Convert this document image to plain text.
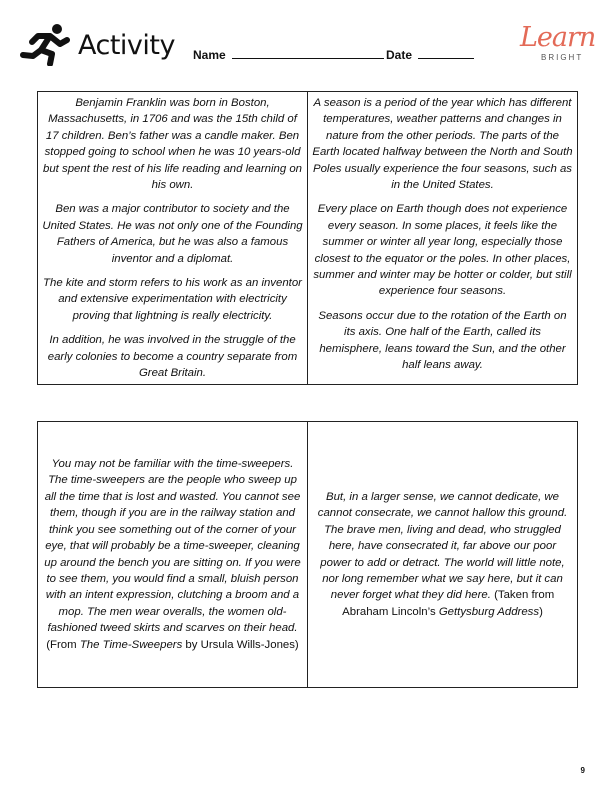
Activity Name	Date
Learn
BRIGHT

Benjamin Franklin was born in Boston, Massachusetts, in 1706 and was the 15th child of 17 children. Ben’s father was a candle maker. Ben stopped going to school when he was 10 years-old but spent the rest of his life reading and learning on his own.

Ben was a major contributor to society and the United States. He was not only one of the Founding Fathers of America, but he was also a famous inventor and a diplomat.

The kite and storm refers to his work as an inventor and extensive experimentation with electricity proving that lightning is really electricity.

In addition, he was involved in the struggle of the early colonies to become a country separate from Great Britain.

A season is a period of the year which has different temperatures, weather patterns and changes in nature from the other periods. The parts of the Earth located halfway between the North and South Poles usually experience the four seasons, such as in the United States.

Every place on Earth though does not experience every season. In some places, it feels like the summer or winter all year long, especially those closest to the equator or the poles. In other places, summer and winter may be hotter or colder, but still experience four seasons.

Seasons occur due to the rotation of the Earth on its axis. One half of the Earth, called its hemisphere, leans toward the Sun, and the other half leans away.

You may not be familiar with the time-sweepers. The time-sweepers are the people who sweep up all the time that is lost and wasted. You cannot see them, though if you are in the railway station and think you see something out of the corner of your eye, that will probably be a time-sweeper, cleaning up around the bench you are sitting on. If you were to see them, you would find a small, bluish person with an intent expression, clutching a broom and a mop. The men wear overalls, the women old-fashioned tweed skirts and scarves on their head. (From The Time-Sweepers by Ursula Wills-Jones)

But, in a larger sense, we cannot dedicate, we cannot consecrate, we cannot hallow this ground. The brave men, living and dead, who struggled here, have consecrated it, far above our poor power to add or detract. The world will little note, nor long remember what we say here, but it can never forget what they did here. (Taken from Abraham Lincoln’s Gettysburg Address)

9
